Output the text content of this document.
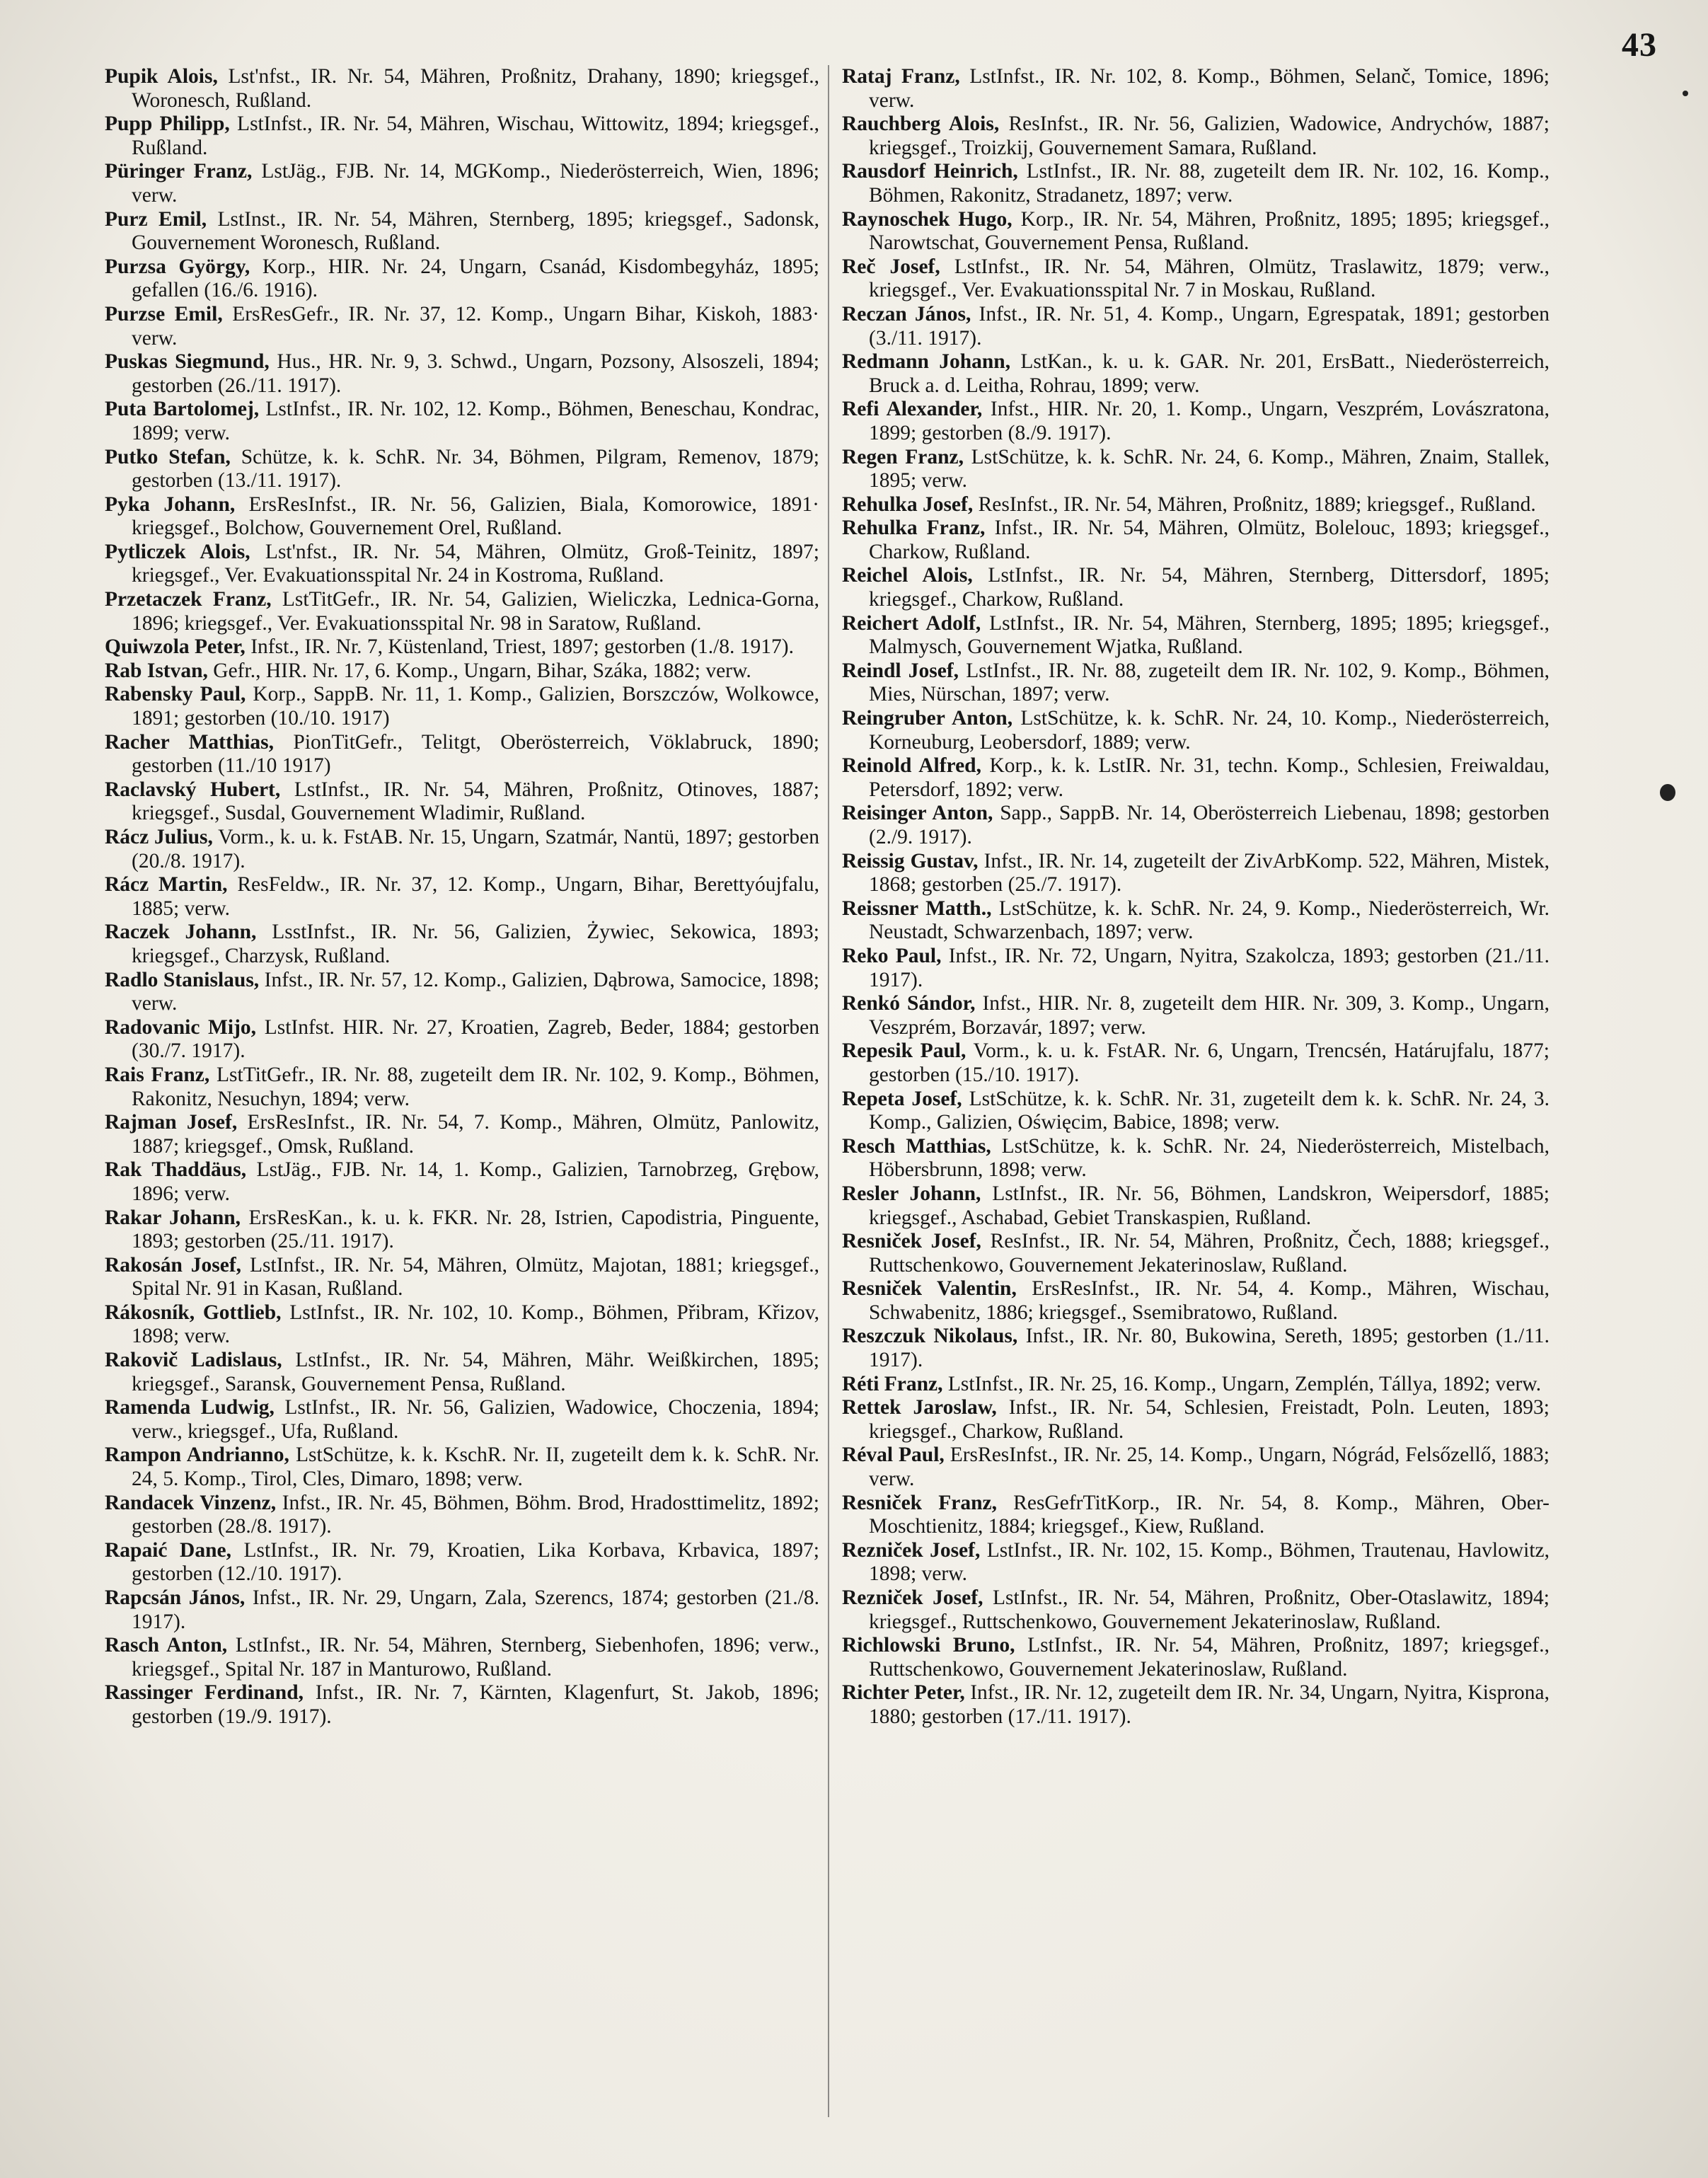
43

Pupik Alois, Lst'nfst., IR. Nr. 54, Mähren, Proßnitz, Drahany, 1890; kriegsgef., Woronesch, Rußland.

Pupp Philipp, LstInfst., IR. Nr. 54, Mähren, Wischau, Wittowitz, 1894; kriegsgef., Rußland.

Püringer Franz, LstJäg., FJB. Nr. 14, MGKomp., Niederösterreich, Wien, 1896; verw.

Purz Emil, LstInst., IR. Nr. 54, Mähren, Sternberg, 1895; kriegsgef., Sadonsk, Gouvernement Woronesch, Rußland.

Purzsa György, Korp., HIR. Nr. 24, Ungarn, Csanád, Kisdombegyház, 1895; gefallen (16./6. 1916).

Purzse Emil, ErsResGefr., IR. Nr. 37, 12. Komp., Ungarn Bihar, Kiskoh, 1883· verw.

Puskas Siegmund, Hus., HR. Nr. 9, 3. Schwd., Ungarn, Pozsony, Alsoszeli, 1894; gestorben (26./11. 1917).

Puta Bartolomej, LstInfst., IR. Nr. 102, 12. Komp., Böhmen, Beneschau, Kondrac, 1899; verw.

Putko Stefan, Schütze, k. k. SchR. Nr. 34, Böhmen, Pilgram, Remenov, 1879; gestorben (13./11. 1917).

Pyka Johann, ErsResInfst., IR. Nr. 56, Galizien, Biala, Komorowice, 1891· kriegsgef., Bolchow, Gouvernement Orel, Rußland.

Pytliczek Alois, Lst'nfst., IR. Nr. 54, Mähren, Olmütz, Groß-Teinitz, 1897; kriegsgef., Ver. Evakuationsspital Nr. 24 in Kostroma, Rußland.

Przetaczek Franz, LstTitGefr., IR. Nr. 54, Galizien, Wieliczka, Lednica-Gorna, 1896; kriegsgef., Ver. Evakuationsspital Nr. 98 in Saratow, Rußland.

Quiwzola Peter, Infst., IR. Nr. 7, Küstenland, Triest, 1897; gestorben (1./8. 1917).

Rab Istvan, Gefr., HIR. Nr. 17, 6. Komp., Ungarn, Bihar, Száka, 1882; verw.

Rabensky Paul, Korp., SappB. Nr. 11, 1. Komp., Galizien, Borszczów, Wolkowce, 1891; gestorben (10./10. 1917)

Racher Matthias, PionTitGefr., Telitgt, Oberösterreich, Vöklabruck, 1890; gestorben (11./10 1917)

Raclavský Hubert, LstInfst., IR. Nr. 54, Mähren, Proßnitz, Otinoves, 1887; kriegsgef., Susdal, Gouvernement Wladimir, Rußland.

Rácz Julius, Vorm., k. u. k. FstAB. Nr. 15, Ungarn, Szatmár, Nantü, 1897; gestorben (20./8. 1917).

Rácz Martin, ResFeldw., IR. Nr. 37, 12. Komp., Ungarn, Bihar, Berettyóujfalu, 1885; verw.

Raczek Johann, LsstInfst., IR. Nr. 56, Galizien, Żywiec, Sekowica, 1893; kriegsgef., Charzysk, Rußland.

Radlo Stanislaus, Infst., IR. Nr. 57, 12. Komp., Galizien, Dąbrowa, Samocice, 1898; verw.

Radovanic Mijo, LstInfst. HIR. Nr. 27, Kroatien, Zagreb, Beder, 1884; gestorben (30./7. 1917).

Rais Franz, LstTitGefr., IR. Nr. 88, zugeteilt dem IR. Nr. 102, 9. Komp., Böhmen, Rakonitz, Nesuchyn, 1894; verw.

Rajman Josef, ErsResInfst., IR. Nr. 54, 7. Komp., Mähren, Olmütz, Panlowitz, 1887; kriegsgef., Omsk, Rußland.

Rak Thaddäus, LstJäg., FJB. Nr. 14, 1. Komp., Galizien, Tarnobrzeg, Grębow, 1896; verw.

Rakar Johann, ErsResKan., k. u. k. FKR. Nr. 28, Istrien, Capodistria, Pinguente, 1893; gestorben (25./11. 1917).

Rakosán Josef, LstInfst., IR. Nr. 54, Mähren, Olmütz, Majotan, 1881; kriegsgef., Spital Nr. 91 in Kasan, Rußland.

Rákosník, Gottlieb, LstInfst., IR. Nr. 102, 10. Komp., Böhmen, Přibram, Křizov, 1898; verw.

Rakovič Ladislaus, LstInfst., IR. Nr. 54, Mähren, Mähr. Weißkirchen, 1895; kriegsgef., Saransk, Gouvernement Pensa, Rußland.

Ramenda Ludwig, LstInfst., IR. Nr. 56, Galizien, Wadowice, Choczenia, 1894; verw., kriegsgef., Ufa, Rußland.

Rampon Andrianno, LstSchütze, k. k. KschR. Nr. II, zugeteilt dem k. k. SchR. Nr. 24, 5. Komp., Tirol, Cles, Dimaro, 1898; verw.

Randacek Vinzenz, Infst., IR. Nr. 45, Böhmen, Böhm. Brod, Hradosttimelitz, 1892; gestorben (28./8. 1917).

Rapaić Dane, LstInfst., IR. Nr. 79, Kroatien, Lika Korbava, Krbavica, 1897; gestorben (12./10. 1917).

Rapcsán János, Infst., IR. Nr. 29, Ungarn, Zala, Szerencs, 1874; gestorben (21./8. 1917).

Rasch Anton, LstInfst., IR. Nr. 54, Mähren, Sternberg, Siebenhofen, 1896; verw., kriegsgef., Spital Nr. 187 in Manturowo, Rußland.

Rassinger Ferdinand, Infst., IR. Nr. 7, Kärnten, Klagenfurt, St. Jakob, 1896; gestorben (19./9. 1917).

Rataj Franz, LstInfst., IR. Nr. 102, 8. Komp., Böhmen, Selanč, Tomice, 1896; verw.

Rauchberg Alois, ResInfst., IR. Nr. 56, Galizien, Wadowice, Andrychów, 1887; kriegsgef., Troizkij, Gouvernement Samara, Rußland.

Rausdorf Heinrich, LstInfst., IR. Nr. 88, zugeteilt dem IR. Nr. 102, 16. Komp., Böhmen, Rakonitz, Stradanetz, 1897; verw.

Raynoschek Hugo, Korp., IR. Nr. 54, Mähren, Proßnitz, 1895; 1895; kriegsgef., Narowtschat, Gouvernement Pensa, Rußland.

Reč Josef, LstInfst., IR. Nr. 54, Mähren, Olmütz, Traslawitz, 1879; verw., kriegsgef., Ver. Evakuationsspital Nr. 7 in Moskau, Rußland.

Reczan János, Infst., IR. Nr. 51, 4. Komp., Ungarn, Egrespatak, 1891; gestorben (3./11. 1917).

Redmann Johann, LstKan., k. u. k. GAR. Nr. 201, ErsBatt., Niederösterreich, Bruck a. d. Leitha, Rohrau, 1899; verw.

Refi Alexander, Infst., HIR. Nr. 20, 1. Komp., Ungarn, Veszprém, Lovászratona, 1899; gestorben (8./9. 1917).

Regen Franz, LstSchütze, k. k. SchR. Nr. 24, 6. Komp., Mähren, Znaim, Stallek, 1895; verw.

Rehulka Josef, ResInfst., IR. Nr. 54, Mähren, Proßnitz, 1889; kriegsgef., Rußland.

Rehulka Franz, Infst., IR. Nr. 54, Mähren, Olmütz, Bolelouc, 1893; kriegsgef., Charkow, Rußland.

Reichel Alois, LstInfst., IR. Nr. 54, Mähren, Sternberg, Dittersdorf, 1895; kriegsgef., Charkow, Rußland.

Reichert Adolf, LstInfst., IR. Nr. 54, Mähren, Sternberg, 1895; 1895; kriegsgef., Malmysch, Gouvernement Wjatka, Rußland.

Reindl Josef, LstInfst., IR. Nr. 88, zugeteilt dem IR. Nr. 102, 9. Komp., Böhmen, Mies, Nürschan, 1897; verw.

Reingruber Anton, LstSchütze, k. k. SchR. Nr. 24, 10. Komp., Niederösterreich, Korneuburg, Leobersdorf, 1889; verw.

Reinold Alfred, Korp., k. k. LstIR. Nr. 31, techn. Komp., Schlesien, Freiwaldau, Petersdorf, 1892; verw.

Reisinger Anton, Sapp., SappB. Nr. 14, Oberösterreich Liebenau, 1898; gestorben (2./9. 1917).

Reissig Gustav, Infst., IR. Nr. 14, zugeteilt der ZivArbKomp. 522, Mähren, Mistek, 1868; gestorben (25./7. 1917).

Reissner Matth., LstSchütze, k. k. SchR. Nr. 24, 9. Komp., Niederösterreich, Wr. Neustadt, Schwarzenbach, 1897; verw.

Reko Paul, Infst., IR. Nr. 72, Ungarn, Nyitra, Szakolcza, 1893; gestorben (21./11. 1917).

Renkó Sándor, Infst., HIR. Nr. 8, zugeteilt dem HIR. Nr. 309, 3. Komp., Ungarn, Veszprém, Borzavár, 1897; verw.

Repesik Paul, Vorm., k. u. k. FstAR. Nr. 6, Ungarn, Trencsén, Határujfalu, 1877; gestorben (15./10. 1917).

Repeta Josef, LstSchütze, k. k. SchR. Nr. 31, zugeteilt dem k. k. SchR. Nr. 24, 3. Komp., Galizien, Oświęcim, Babice, 1898; verw.

Resch Matthias, LstSchütze, k. k. SchR. Nr. 24, Niederösterreich, Mistelbach, Höbersbrunn, 1898; verw.

Resler Johann, LstInfst., IR. Nr. 56, Böhmen, Landskron, Weipersdorf, 1885; kriegsgef., Aschabad, Gebiet Transkaspien, Rußland.

Resniček Josef, ResInfst., IR. Nr. 54, Mähren, Proßnitz, Čech, 1888; kriegsgef., Ruttschenkowo, Gouvernement Jekaterinoslaw, Rußland.

Resniček Valentin, ErsResInfst., IR. Nr. 54, 4. Komp., Mähren, Wischau, Schwabenitz, 1886; kriegsgef., Ssemibratowo, Rußland.

Reszczuk Nikolaus, Infst., IR. Nr. 80, Bukowina, Sereth, 1895; gestorben (1./11. 1917).

Réti Franz, LstInfst., IR. Nr. 25, 16. Komp., Ungarn, Zemplén, Tállya, 1892; verw.

Rettek Jaroslaw, Infst., IR. Nr. 54, Schlesien, Freistadt, Poln. Leuten, 1893; kriegsgef., Charkow, Rußland.

Réval Paul, ErsResInfst., IR. Nr. 25, 14. Komp., Ungarn, Nógrád, Felsőzellő, 1883; verw.

Resniček Franz, ResGefrTitKorp., IR. Nr. 54, 8. Komp., Mähren, Ober-Moschtienitz, 1884; kriegsgef., Kiew, Rußland.

Rezniček Josef, LstInfst., IR. Nr. 102, 15. Komp., Böhmen, Trautenau, Havlowitz, 1898; verw.

Rezniček Josef, LstInfst., IR. Nr. 54, Mähren, Proßnitz, Ober-Otaslawitz, 1894; kriegsgef., Ruttschenkowo, Gouvernement Jekaterinoslaw, Rußland.

Richlowski Bruno, LstInfst., IR. Nr. 54, Mähren, Proßnitz, 1897; kriegsgef., Ruttschenkowo, Gouvernement Jekaterinoslaw, Rußland.

Richter Peter, Infst., IR. Nr. 12, zugeteilt dem IR. Nr. 34, Ungarn, Nyitra, Kisprona, 1880; gestorben (17./11. 1917).
